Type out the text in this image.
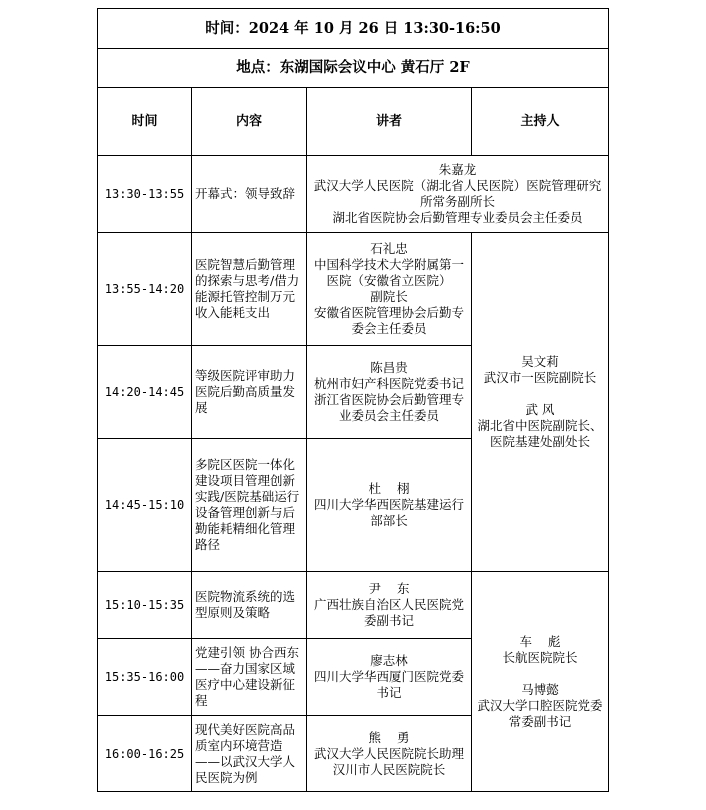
时间：2024 年 10 月 26 日 13:30-16:50			
地点：东湖国际会议中心 黄石厅 2F			
时间	内容	讲者	主持人
13:30-13:55	开幕式：领导致辞	朱嘉龙
武汉大学人民医院（湖北省人民医院）医院管理研究所常务副所长
湖北省医院协会后勤管理专业委员会主任委员	

13:55-14:20	医院智慧后勤管理的探索与思考/借力能源托管控制万元收入能耗支出	石礼忠
中国科学技术大学附属第一医院（安徽省立医院）
副院长
安徽省医院管理协会后勤专委会主任委员	吴文莉
武汉市一医院副院长
武 风
湖北省中医院副院长、医院基建处副处长

14:20-14:45	等级医院评审助力医院后勤高质量发展	陈昌贵
杭州市妇产科医院党委书记
浙江省医院协会后勤管理专业委员会主任委员	

14:45-15:10	多院区医院一体化建设项目管理创新实践/医院基础运行设备管理创新与后勤能耗精细化管理路径	杜    栩
四川大学华西医院基建运行部部长	

15:10-15:35	医院物流系统的选型原则及策略	尹    东
广西壮族自治区人民医院党委副书记	车    彪
长航医院院长
马博懿
武汉大学口腔医院党委常委副书记

15:35-16:00	党建引领 协合西东——奋力国家区域医疗中心建设新征程	廖志林
四川大学华西厦门医院党委书记	

16:00-16:25	现代美好医院高品质室内环境营造——以武汉大学人民医院为例	熊    勇
武汉大学人民医院院长助理汉川市人民医院院长	
